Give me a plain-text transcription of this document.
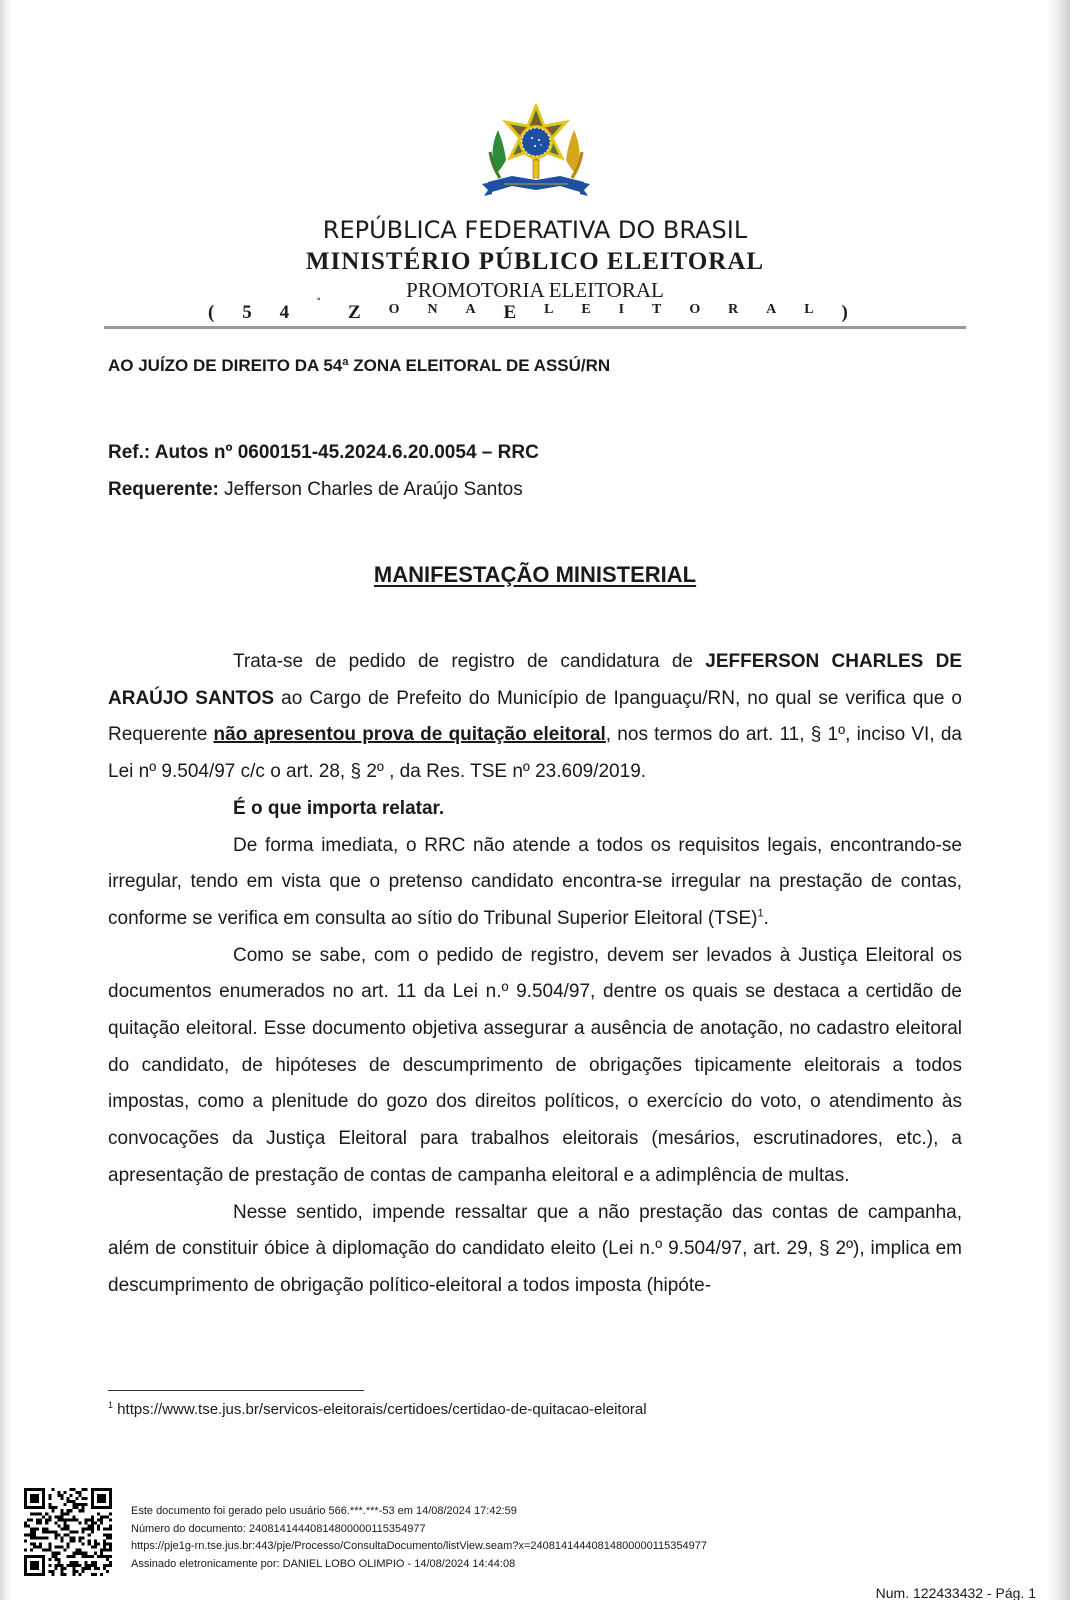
REPÚBLICA FEDERATIVA DO BRASIL
MINISTÉRIO PÚBLICO ELEITORAL
PROMOTORIA ELEITORAL
( 5 4
ª
Z O N A E L E I T O R A L )
AO JUÍZO DE DIREITO DA 54ª ZONA ELEITORAL DE ASSÚ/RN
Ref.: Autos nº 0600151-45.2024.6.20.0054 – RRC
Requerente: Jefferson Charles de Araújo Santos
MANIFESTAÇÃO MINISTERIAL

Trata-se de pedido de registro de candidatura de JEFFERSON CHARLES DE ARAÚJO SANTOS ao Cargo de Prefeito do Município de Ipanguaçu/RN, no qual se verifica que o Requerente não apresentou prova de quitação eleitoral, nos termos do art. 11, § 1º, inciso VI, da Lei nº 9.504/97 c/c o art. 28, § 2º , da Res. TSE nº 23.609/2019.

É o que importa relatar.

De forma imediata, o RRC não atende a todos os requisitos legais, encontrando-se irregular, tendo em vista que o pretenso candidato encontra-se irregular na prestação de contas, conforme se verifica em consulta ao sítio do Tribunal Superior Eleitoral (TSE)$^1$.

Como se sabe, com o pedido de registro, devem ser levados à Justiça Eleitoral os documentos enumerados no art. 11 da Lei n.º 9.504/97, dentre os quais se destaca a certidão de quitação eleitoral. Esse documento objetiva assegurar a ausência de anotação, no cadastro eleitoral do candidato, de hipóteses de descumprimento de obrigações tipicamente eleitorais a todos impostas, como a plenitude do gozo dos direitos políticos, o exercício do voto, o atendimento às convocações da Justiça Eleitoral para trabalhos eleitorais (mesários, escrutinadores, etc.), a apresentação de prestação de contas de campanha eleitoral e a adimplência de multas.

Nesse sentido, impende ressaltar que a não prestação das contas de campanha, além de constituir óbice à diplomação do candidato eleito (Lei n.º 9.504/97, art. 29, § 2º), implica em descumprimento de obrigação político-eleitoral a todos imposta (hipóte-

$^1$ https://www.tse.jus.br/servicos-eleitorais/certidoes/certidao-de-quitacao-eleitoral
Este documento foi gerado pelo usuário 566.***.***-53 em 14/08/2024 17:42:59
Número do documento: 24081414440814800000115354977
https://pje1g-rn.tse.jus.br:443/pje/Processo/ConsultaDocumento/listView.seam?x=24081414440814800000115354977
Assinado eletronicamente por: DANIEL LOBO OLIMPIO - 14/08/2024 14:44:08
Num. 122433432 - Pág. 1
